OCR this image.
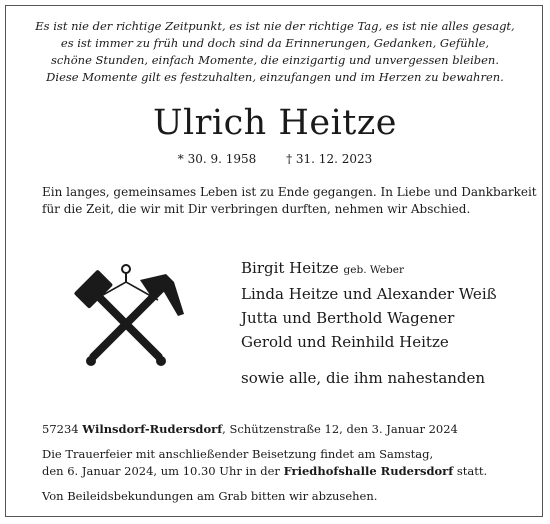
Es ist nie der richtige Zeitpunkt, es ist nie der richtige Tag, es ist nie alles gesagt,
es ist immer zu früh und doch sind da Erinnerungen, Gedanken, Gefühle,
schöne Stunden, einfach Momente, die einzigartig und unvergessen bleiben.
Diese Momente gilt es festzuhalten, einzufangen und im Herzen zu bewahren.
Ulrich Heitze
* 30. 9. 1958 † 31. 12. 2023
Ein langes, gemeinsames Leben ist zu Ende gegangen. In Liebe und Dankbarkeit
für die Zeit, die wir mit Dir verbringen durften, nehmen wir Abschied.
Birgit Heitze geb. Weber
Linda Heitze und Alexander Weiß
Jutta und Berthold Wagener
Gerold und Reinhild Heitze
sowie alle, die ihm nahestanden
57234 Wilnsdorf-Rudersdorf, Schützenstraße 12, den 3. Januar 2024
Die Trauerfeier mit anschließender Beisetzung findet am Samstag,
den 6. Januar 2024, um 10.30 Uhr in der Friedhofshalle Rudersdorf statt.
Von Beileidsbekundungen am Grab bitten wir abzusehen.
